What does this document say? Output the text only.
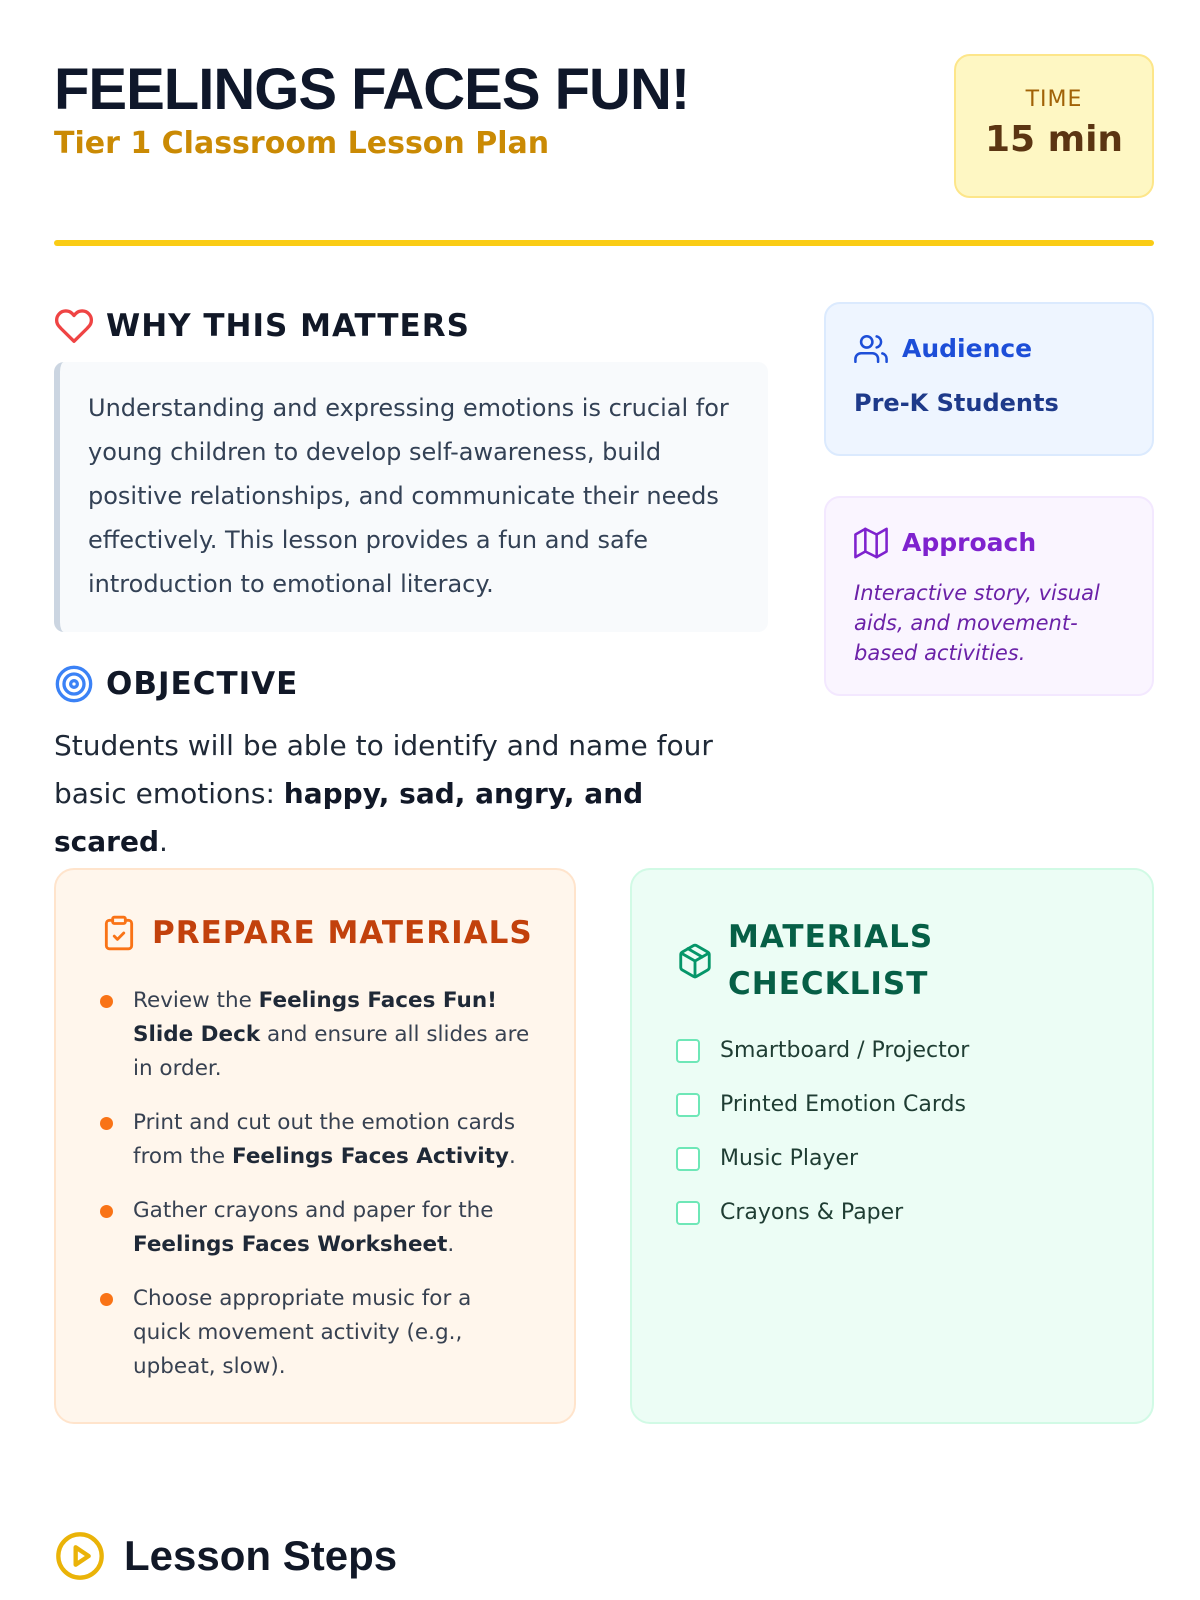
FEELINGS FACES FUN!
Tier 1 Classroom Lesson Plan
TIME
15 min
WHY THIS MATTERS

Understanding and expressing emotions is crucial for young children to develop self-awareness, build positive relationships, and communicate their needs effectively. This lesson provides a fun and safe introduction to emotional literacy.

OBJECTIVE
Students will be able to identify and name four basic emotions: happy, sad, angry, and scared.
Audience
Pre-K Students
Approach
Interactive story, visual aids, and movement-based activities.
PREPARE MATERIALS
Review the Feelings Faces Fun! Slide Deck and ensure all slides are in order.
Print and cut out the emotion cards from the Feelings Faces Activity.
Gather crayons and paper for the Feelings Faces Worksheet.
Choose appropriate music for a quick movement activity (e.g., upbeat, slow).
MATERIALS CHECKLIST
Smartboard / Projector
Printed Emotion Cards
Music Player
Crayons & Paper
Lesson Steps
